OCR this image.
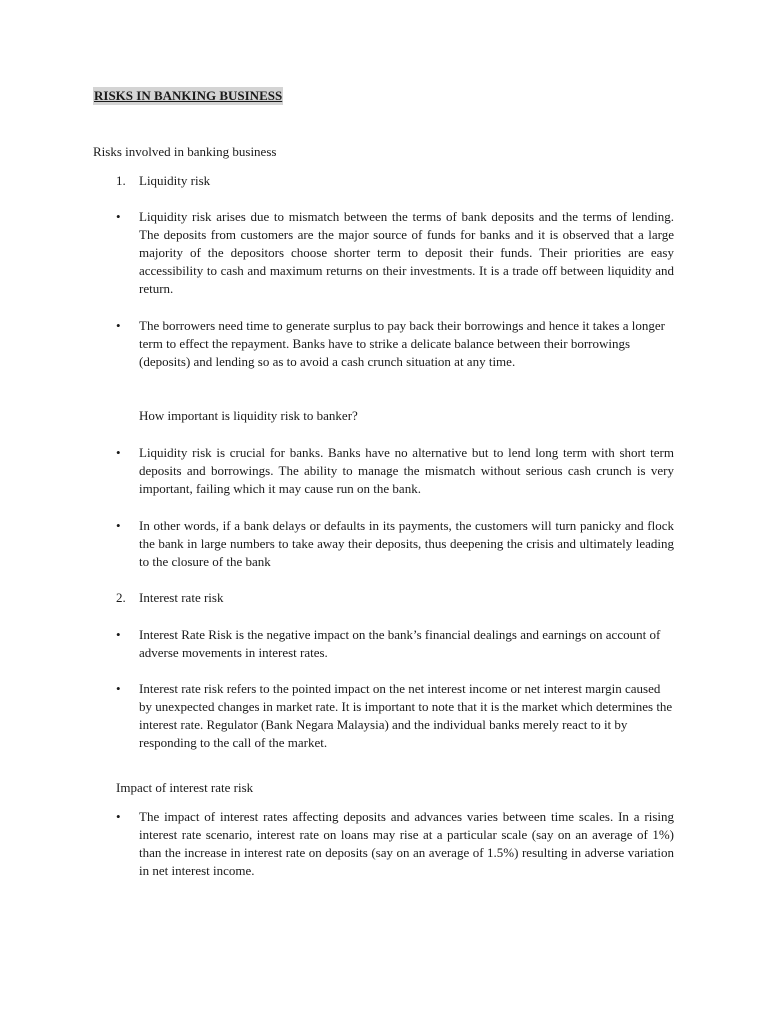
RISKS IN BANKING BUSINESS
Risks involved in banking business
1. Liquidity risk
•	Liquidity risk arises due to mismatch between the terms of bank deposits and the terms of lending. The deposits from customers are the major source of funds for banks and it is observed that a large majority of the depositors choose shorter term to deposit their funds. Their priorities are easy accessibility to cash and maximum returns on their investments. It is a trade off between liquidity and return.
•	The borrowers need time to generate surplus to pay back their borrowings and hence it takes a longer term to effect the repayment. Banks have to strike a delicate balance between their borrowings (deposits) and lending so as to avoid a cash crunch situation at any time.
How important is liquidity risk to banker?
•	Liquidity risk is crucial for banks. Banks have no alternative but to lend long term with short term deposits and borrowings. The ability to manage the mismatch without serious cash crunch is very important, failing which it may cause run on the bank.
•	In other words, if a bank delays or defaults in its payments, the customers will turn panicky and flock the bank in large numbers to take away their deposits, thus deepening the crisis and ultimately leading to the closure of the bank
2. Interest rate risk
•	Interest Rate Risk is the negative impact on the bank’s financial dealings and earnings on account of adverse movements in interest rates.
•	Interest rate risk refers to the pointed impact on the net interest income or net interest margin caused by unexpected changes in market rate. It is important to note that it is the market which determines the interest rate. Regulator (Bank Negara Malaysia) and the individual banks merely react to it by responding to the call of the market.
Impact of interest rate risk
•	The impact of interest rates affecting deposits and advances varies between time scales. In a rising interest rate scenario, interest rate on loans may rise at a particular scale (say on an average of 1%) than the increase in interest rate on deposits (say on an average of 1.5%) resulting in adverse variation in net interest income.
